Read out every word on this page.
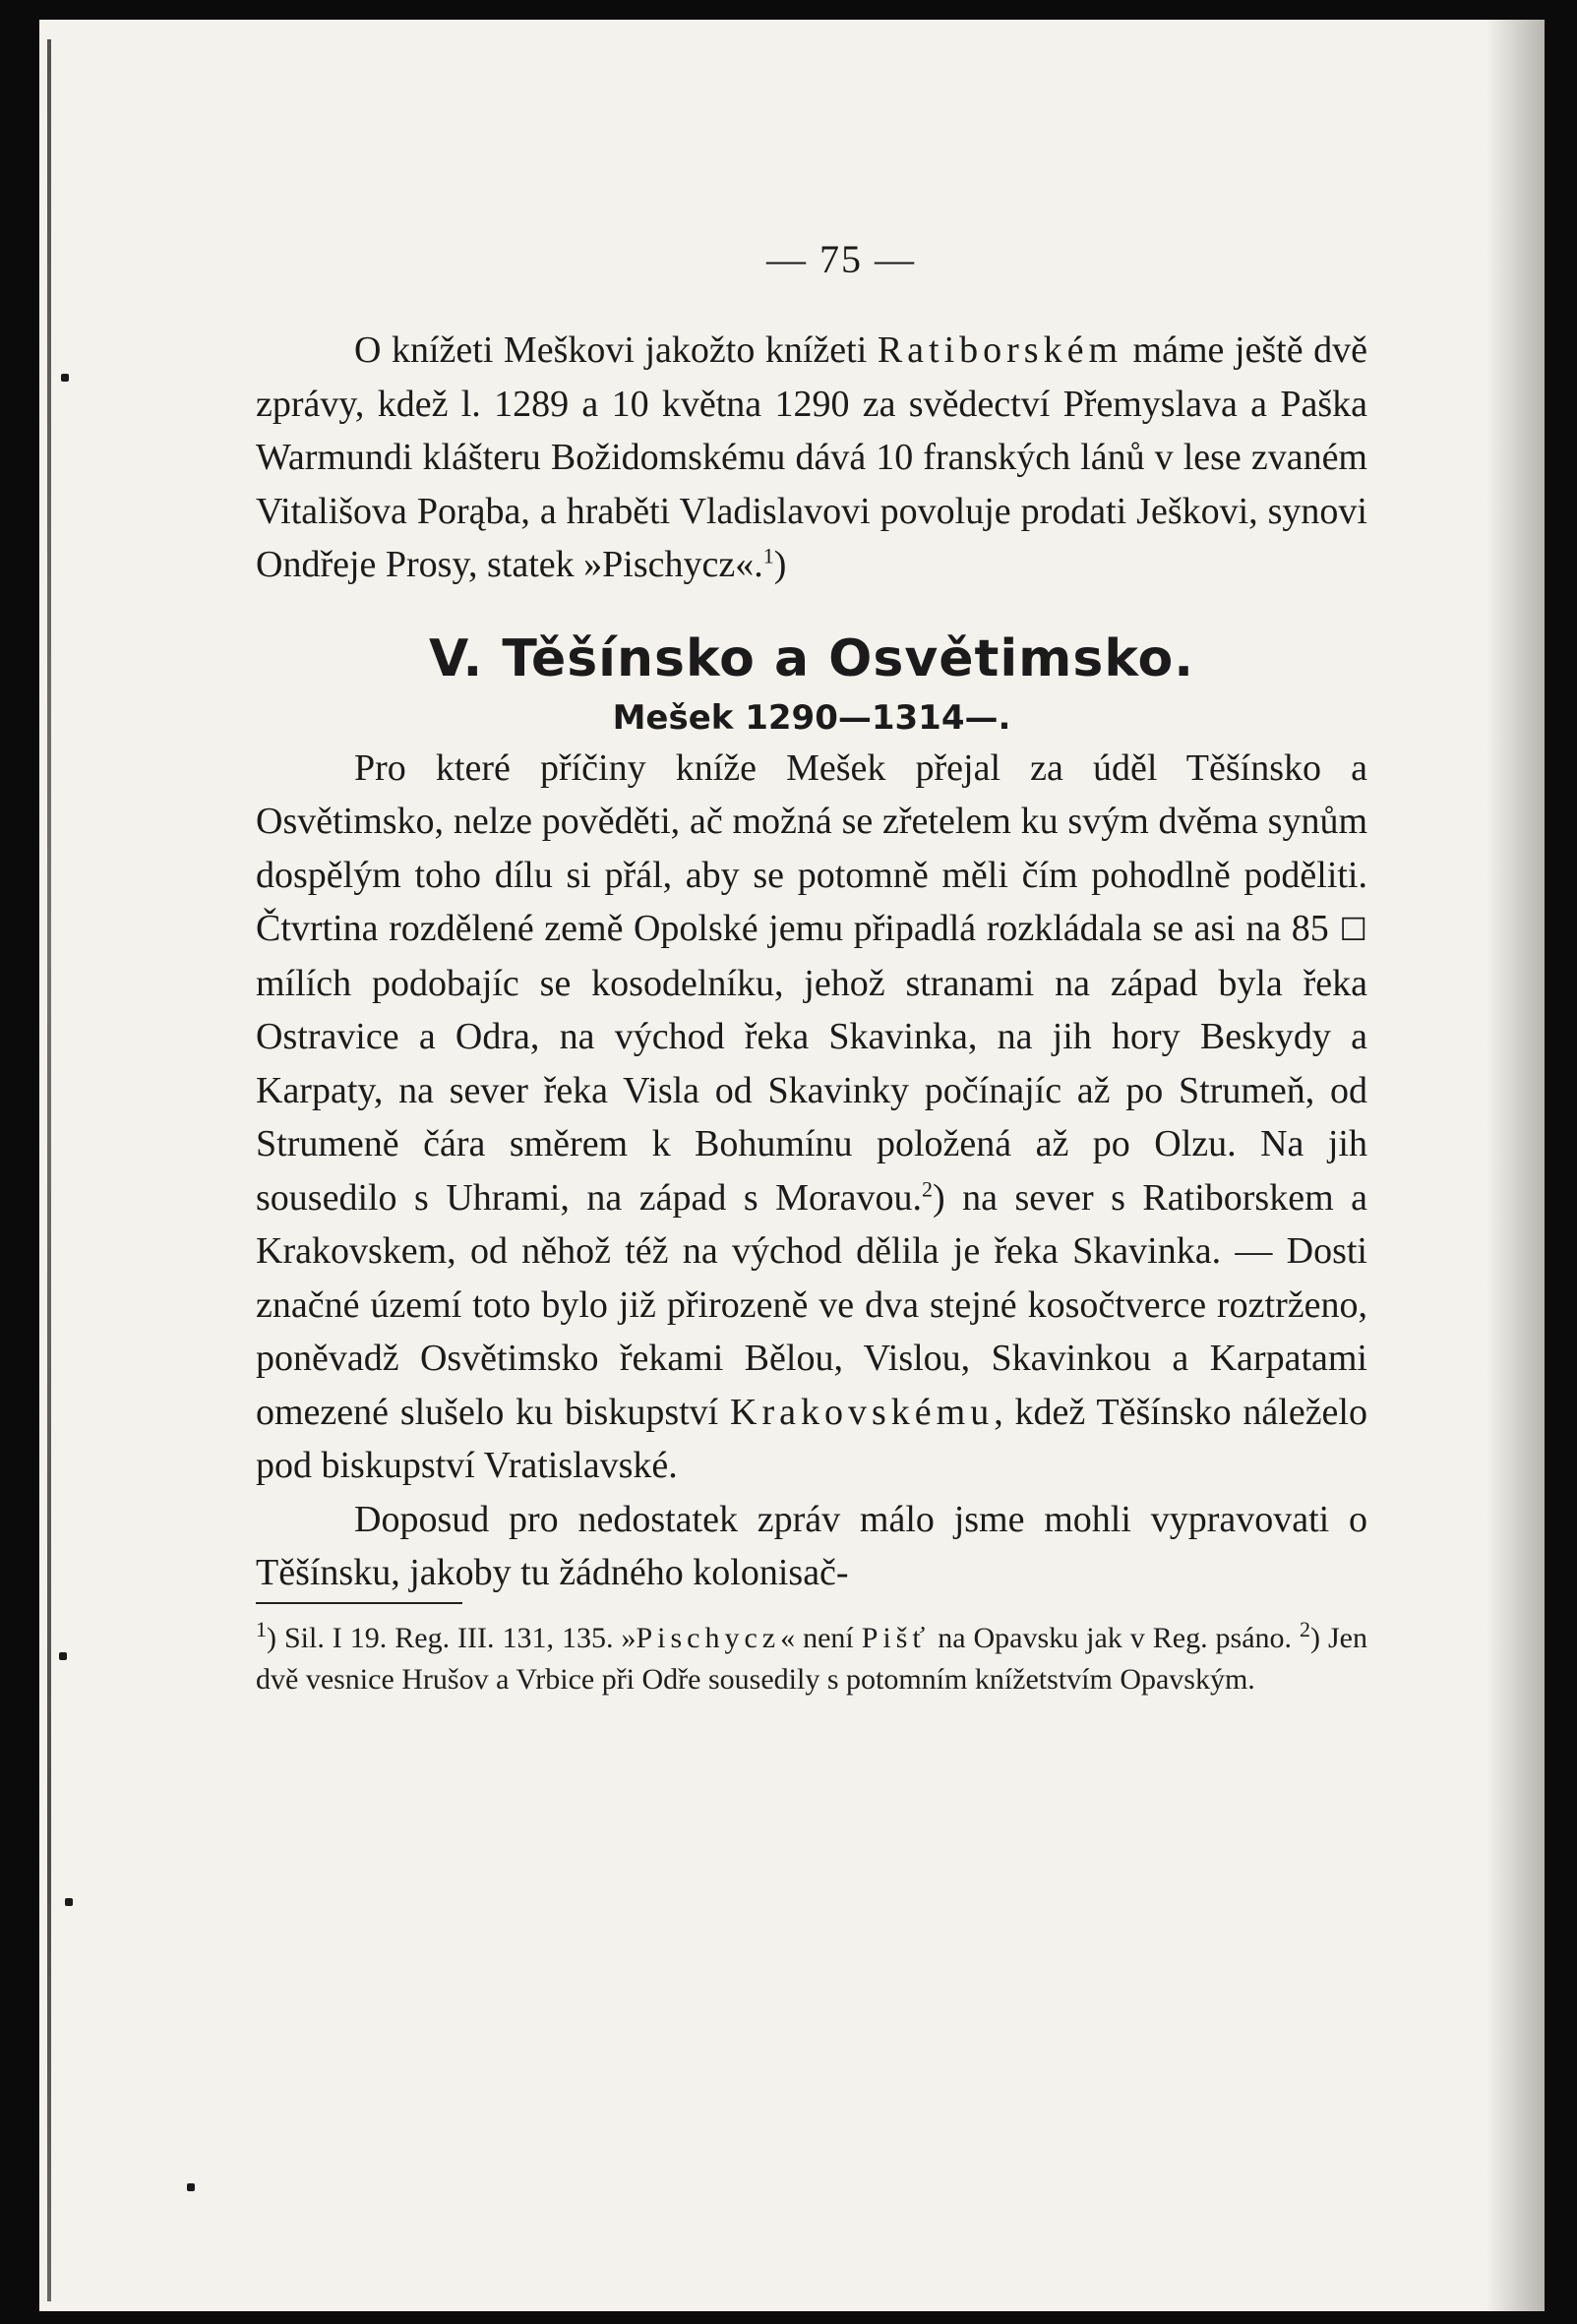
— 75 —

O knížeti Meškovi jakožto knížeti Ratiborském máme ještě dvě zprávy, kdež l. 1289 a 10 května 1290 za svědectví Přemyslava a Paška Warmundi klášteru Božidomskému dává 10 franských lánů v lese zvaném Vitališova Porąba, a hraběti Vladislavovi povoluje prodati Ješkovi, synovi Ondřeje Prosy, statek »Pischycz«.$^1$)

V. Těšínsko a Osvětimsko.
Mešek 1290—1314—.

Pro které příčiny kníže Mešek přejal za úděl Těšínsko a Osvětimsko, nelze pověděti, ač možná se zřetelem ku svým dvěma synům dospělým toho dílu si přál, aby se potomně měli čím pohodlně poděliti. Čtvrtina rozdělené země Opolské jemu připadlá rozkládala se asi na 85 ☐ mílích podobajíc se kosodelníku, jehož stranami na západ byla řeka Ostravice a Odra, na východ řeka Skavinka, na jih hory Beskydy a Karpaty, na sever řeka Visla od Skavinky počínajíc až po Strumeň, od Strumeně čára směrem k Bohumínu položená až po Olzu. Na jih sousedilo s Uhrami, na západ s Moravou.$^2$) na sever s Ratiborskem a Krakovskem, od něhož též na východ dělila je řeka Skavinka. — Dosti značné území toto bylo již přirozeně ve dva stejné kosočtverce roztrženo, poněvadž Osvětimsko řekami Bělou, Vislou, Skavinkou a Karpatami omezené slušelo ku biskupství Krakovskému, kdež Těšínsko náleželo pod biskupství Vratislavské.

Doposud pro nedostatek zpráv málo jsme mohli vypravovati o Těšínsku, jakoby tu žádného kolonisač-

$^1$) Sil. I 19. Reg. III. 131, 135. »Pischycz« není Pišť na Opavsku jak v Reg. psáno. $^2$) Jen dvě vesnice Hrušov a Vrbice při Odře sousedily s potomním knížetstvím Opavským.
